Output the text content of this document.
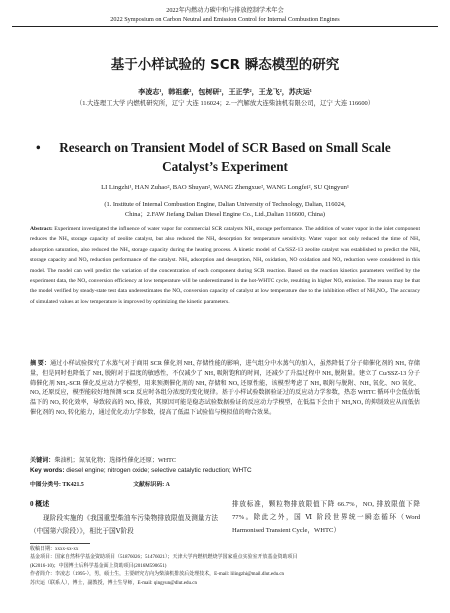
2022年内燃动力碳中和与排放控制学术年会
2022 Symposium on Carbon Neutral and Emission Control for Internal Combustion Engines
基于小样试验的 SCR 瞬态模型的研究
李凌志¹，韩祖豪²，包树研²，王正学²，王龙飞²，苏庆运¹
（1.大连理工大学 内燃机研究所，辽宁 大连 116024；2.一汽解放大连柴油机有限公司，辽宁 大连 116600）
• Research on Transient Model of SCR Based on Small Scale Catalyst’s Experiment
LI Lingzhi¹, HAN Zuhao², BAO Shuyan², WANG Zhengxue², WANG Longfei², SU Qingyun¹
(1. Institute of Internal Combustion Engine, Dalian University of Technology, Dalian, 116024,
China；2.FAW Jiefang Dalian Diesel Engine Co., Ltd.,Dalian 116600, China)
Abstract: Experiment investigated the influence of water vapor for commercial SCR catalysts NH₃ storage performance. The addition of water vapor in the inlet component reduces the NH₃ storage capacity of zeolite catalyst, but also reduced the NH₃ desorption for temperature sensitivity. Water vapor not only reduced the time of NH₃ adsorption saturation, also reduced the NH₃ storage capacity during the heating process. A kinetic model of Cu/SSZ-13 zeolite catalyst was established to predict the NH₃ storage capacity and NOₓ reduction performance of the catalyst. NH₃ adsorption and desorption, NH₃ oxidation, NO oxidation and NOₓ reduction were considered in this model. The model can well predict the variation of the concentration of each component during SCR reaction. Based on the reaction kinetics parameters verified by the experiment data, the NOₓ conversion efficiency at low temperature will be underestimated in the hot-WHTC cycle, resulting in higher NOₓ emission. The reason may be that the model verified by steady-state test data underestimates the NOₓ conversion capacity of catalyst at low temperature due to the inhibition effect of NH₄NO₃. The accuracy of simulated values at low temperature is improved by optimizing the kinetic parameters.
摘 要：通过小样试验探究了水蒸气对于商用 SCR 催化剂 NH₃ 存储性能的影响，进气组分中水蒸气的加入，虽然降低了分子筛催化剂的 NH₃ 存储量，但是同时也降低了 NH₃ 脱附对于温度的敏感性，不仅减少了 NH₃ 吸附饱和的时间，还减少了升温过程中 NH₃ 脱附量。建立了 Cu/SSZ-13 分子筛催化剂 NH₃-SCR 催化反应动力学模型，用来预测催化剂的 NH₃ 存储和 NOₓ 还原性能，该模型考虑了 NH₃ 吸附与脱附、NH₃ 氧化、NO 氧化、NOₓ 还原反应，模型能较好地预测 SCR 反应时各组分浓度的变化规律。基于小样试验数据验证过的反应动力学参数，热态 WHTC 循环中会低估低温下的 NOₓ 转化效率，导致较高的 NOₓ 排放，其原因可能是稳态试验数据验证的反应动力学模型，在低温下会由于 NH₄NO₃ 的抑制效应从而低估催化剂的 NOₓ 转化能力，通过优化动力学参数，提高了低温下试验值与模拟值的吻合效果。
关键词：柴油机；氮氧化物；选择性催化还原；WHTC
Key words: diesel engine; nitrogen oxide; selective catalytic reduction; WHTC
中图分类号: TK421.5	文献标识码: A
0 概述
现阶段实施的《我国重型柴油车污染物排放限值及测量方法（中国第六阶段）》，相比于国Ⅴ阶段
排放标准，颗粒物排放限值下降 66.7%，NOₓ 排放限值下降 77%。除此之外，国 Ⅵ 阶段世界统一瞬态循环（Word Harmonised Transient Cycle，WHTC）
收稿日期：xxxx-xx-xx
基金项目：国家自然科学基金资助项目（51876026；51476021）；天津大学内燃机燃烧学国家重点实验室开放基金资助项目
(K2016-10)；中国博士后科学基金面上资助项目(2016M590651)
作者简介：李凌志（1995-），男，硕士生，主要研究方向为柴油机排放后处理技术，E-mail: lilingzhi@mail.dlut.edu.cn
苏庆运（联系人），博士，副教授，博士生导师，E-mail: qingyun@dlut.edu.cn
